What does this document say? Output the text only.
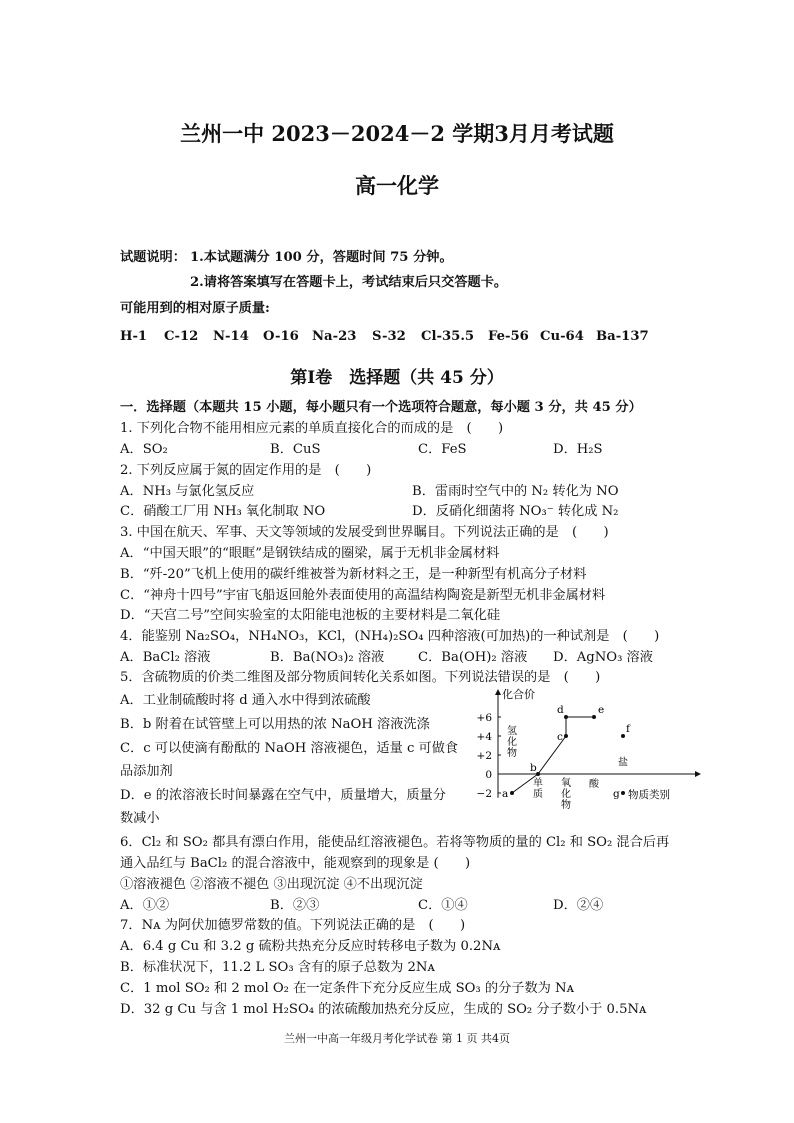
兰州一中 2023－2024－2 学期3月月考试题
高一化学
试题说明： 1.本试题满分 100 分，答题时间 75 分钟。
2.请将答案填写在答题卡上，考试结束后只交答题卡。
可能用到的相对原子质量:
H-1 C-12 N-14 O-16 Na-23 S-32 Cl-35.5 Fe-56 Cu-64 Ba-137
第Ⅰ卷　选择题（共 45 分）
一．选择题（本题共 15 小题，每小题只有一个选项符合题意，每小题 3 分，共 45 分）
1. 下列化合物不能用相应元素的单质直接化合的而成的是　(　　)
A．SO₂	B．CuS	C．FeS	D．H₂S
2. 下列反应属于氮的固定作用的是　(　　)
A．NH₃ 与氯化氢反应	B．雷雨时空气中的 N₂ 转化为 NO
C．硝酸工厂用 NH₃ 氧化制取 NO	D．反硝化细菌将 NO₃⁻ 转化成 N₂
3. 中国在航天、军事、天文等领域的发展受到世界瞩目。下列说法正确的是　(　　)
A．“中国天眼”的“眼眶”是钢铁结成的圈梁，属于无机非金属材料
B．“歼-20”飞机上使用的碳纤维被誉为新材料之王，是一种新型有机高分子材料
C．“神舟十四号”宇宙飞船返回舱外表面使用的高温结构陶瓷是新型无机非金属材料
D．“天宫二号”空间实验室的太阳能电池板的主要材料是二氧化硅
4．能鉴别 Na₂SO₄，NH₄NO₃，KCl，(NH₄)₂SO₄ 四种溶液(可加热)的一种试剂是　(　　)
A．BaCl₂ 溶液	B．Ba(NO₃)₂ 溶液	C．Ba(OH)₂ 溶液 D．AgNO₃ 溶液
5．含硫物质的价类二维图及部分物质间转化关系如图。下列说法错误的是　(　　)
A．工业制硫酸时将 d 通入水中得到浓硫酸
B．b 附着在试管壁上可以用热的浓 NaOH 溶液洗涤
C．c 可以使滴有酚酞的 NaOH 溶液褪色，适量 c 可做食
品添加剂
D．e 的浓溶液长时间暴露在空气中，质量增大，质量分
数减小
化合价
物质类别
+6
+4
+2
0
−2
氢
化
物
单
质
氧
化
物
酸
盐
a
b
c
d	e
f
g
6．Cl₂ 和 SO₂ 都具有漂白作用，能使品红溶液褪色。若将等物质的量的 Cl₂ 和 SO₂ 混合后再
通入品红与 BaCl₂ 的混合溶液中，能观察到的现象是 (　　)
①溶液褪色 ②溶液不褪色 ③出现沉淀 ④不出现沉淀
A．①②	B．②③	C．①④	D．②④
7．Nᴀ 为阿伏加德罗常数的值。下列说法正确的是　(　　)
A．6.4 g Cu 和 3.2 g 硫粉共热充分反应时转移电子数为 0.2Nᴀ
B．标准状况下，11.2 L SO₃ 含有的原子总数为 2Nᴀ
C．1 mol SO₂ 和 2 mol O₂ 在一定条件下充分反应生成 SO₃ 的分子数为 Nᴀ
D．32 g Cu 与含 1 mol H₂SO₄ 的浓硫酸加热充分反应，生成的 SO₂ 分子数小于 0.5Nᴀ
兰州一中高一年级月考化学试卷 第 1 页 共4页
